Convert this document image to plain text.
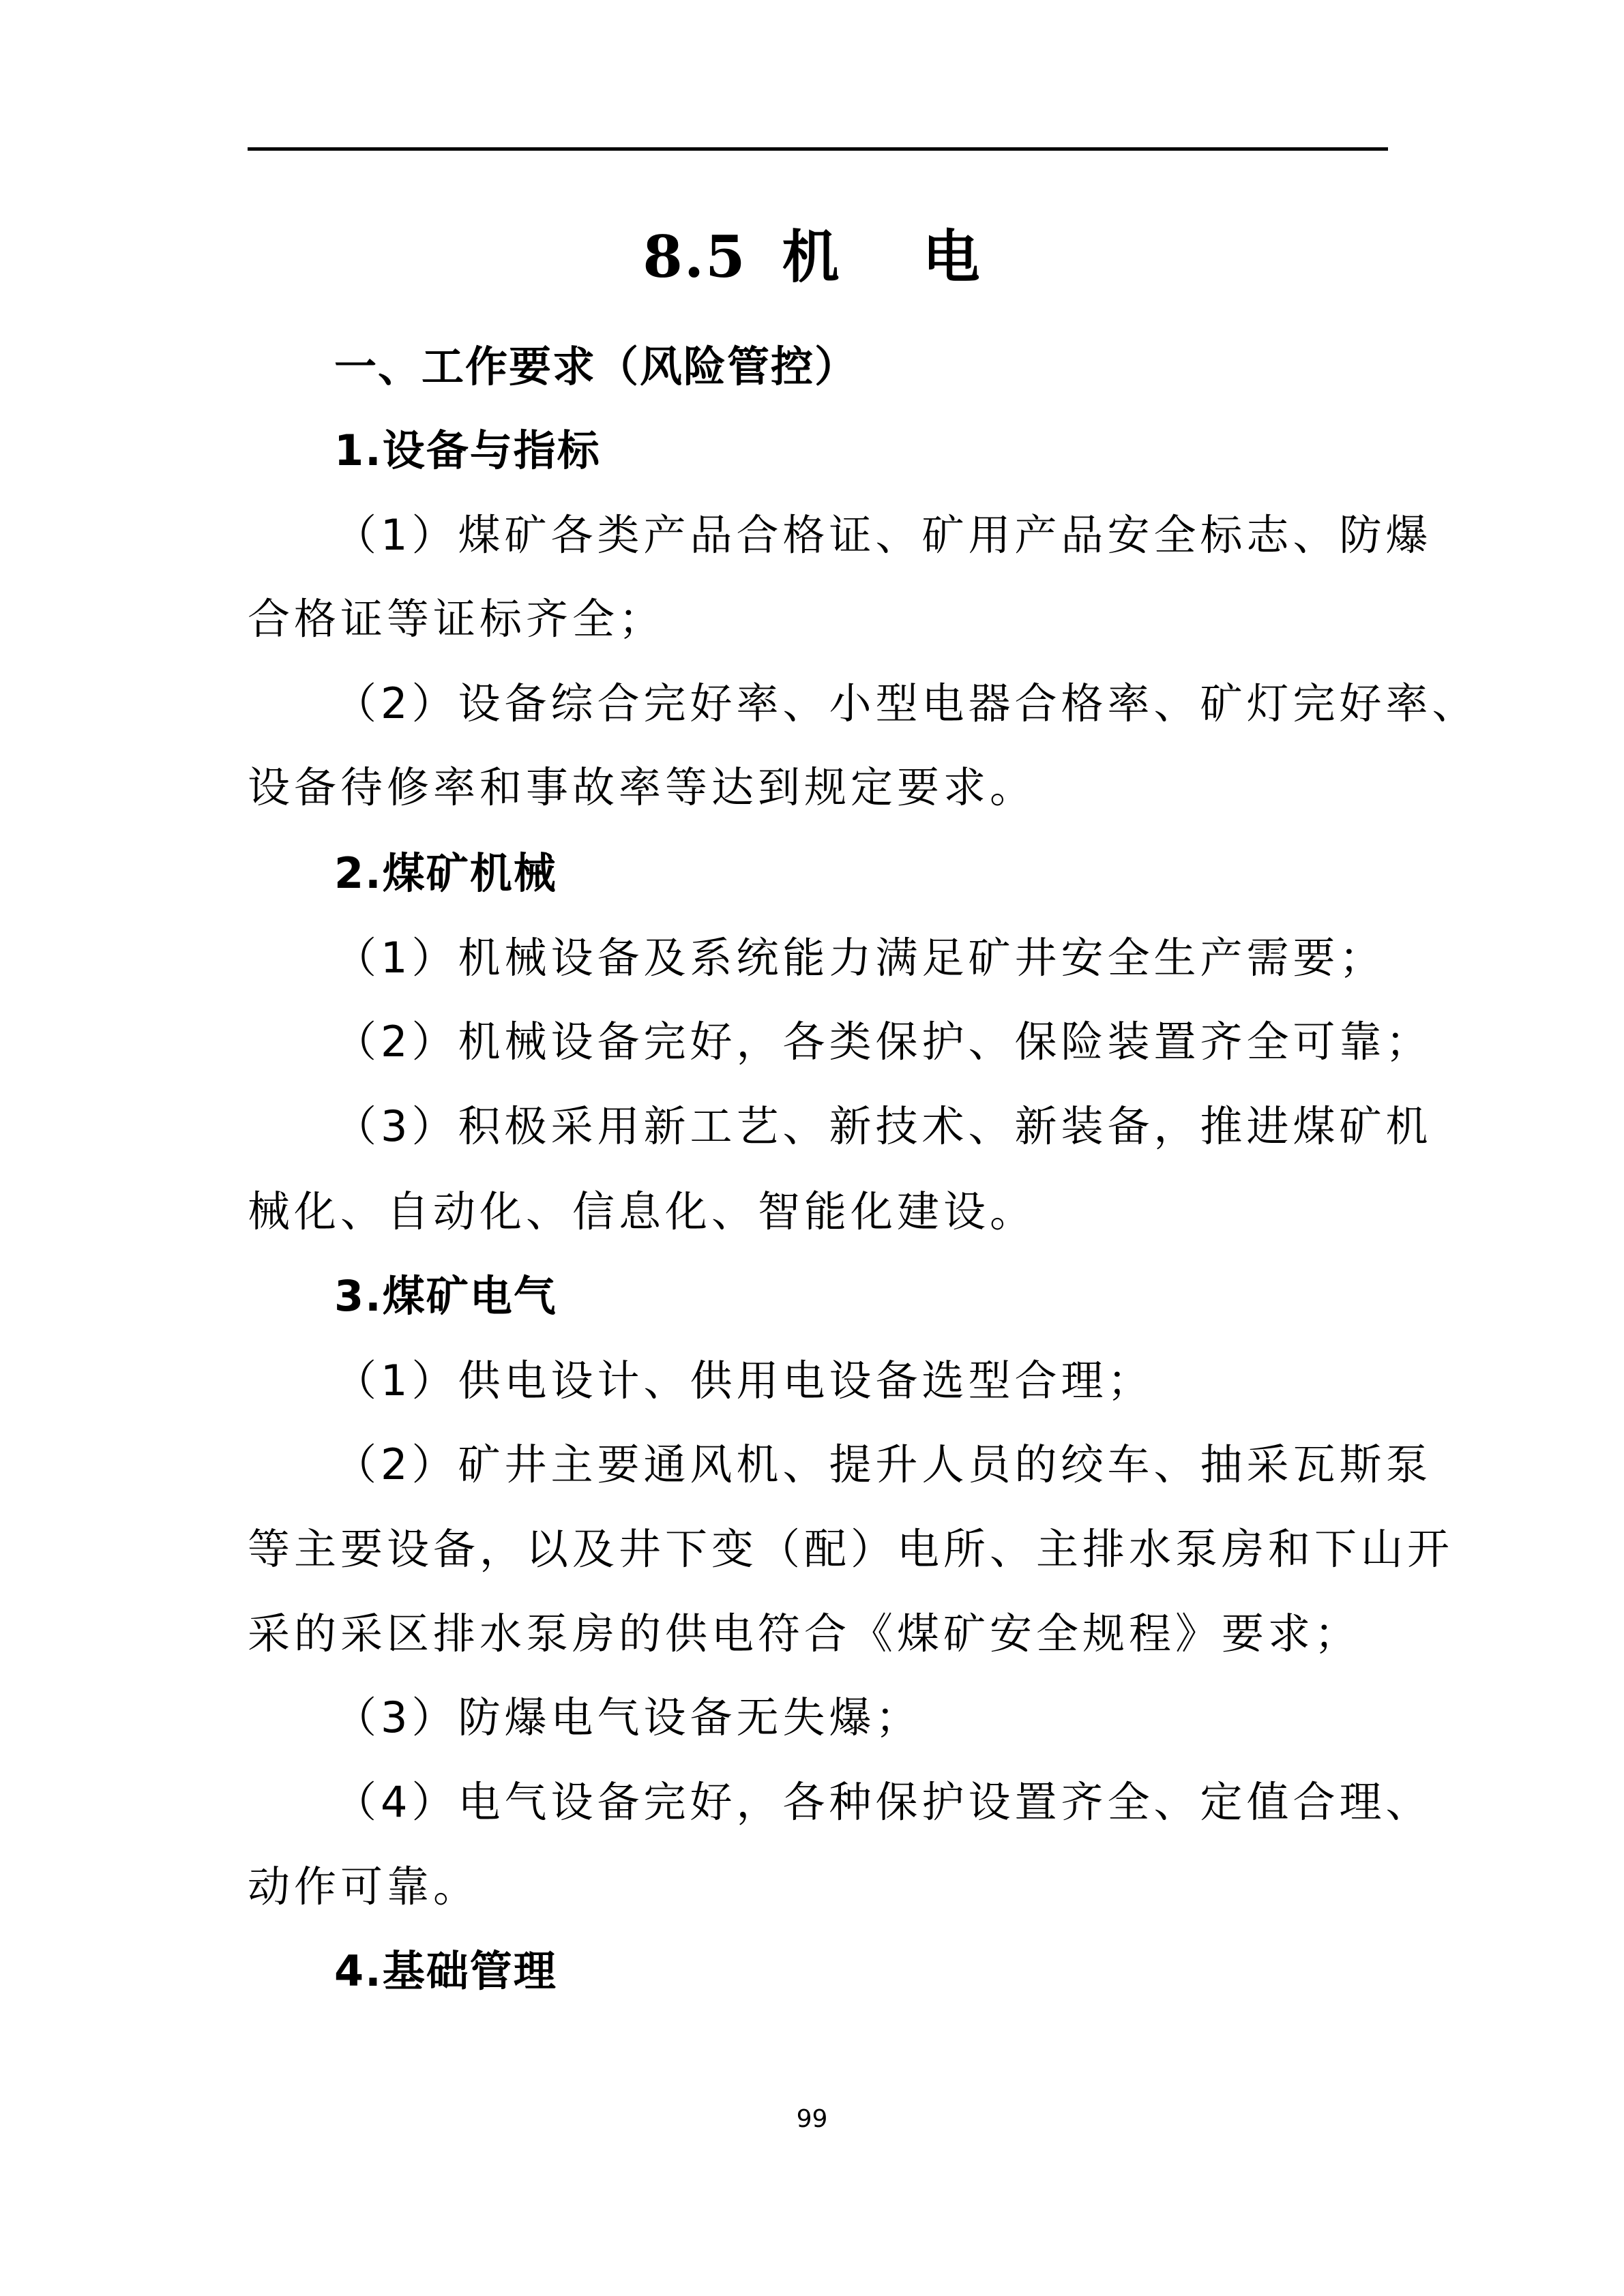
8.5 机 电
一、工作要求（风险管控）
1.设备与指标
（1）煤矿各类产品合格证、矿用产品安全标志、防爆
合格证等证标齐全；
（2）设备综合完好率、小型电器合格率、矿灯完好率、
设备待修率和事故率等达到规定要求。
2.煤矿机械
（1）机械设备及系统能力满足矿井安全生产需要；
（2）机械设备完好，各类保护、保险装置齐全可靠；
（3）积极采用新工艺、新技术、新装备，推进煤矿机
械化、自动化、信息化、智能化建设。
3.煤矿电气
（1）供电设计、供用电设备选型合理；
（2）矿井主要通风机、提升人员的绞车、抽采瓦斯泵
等主要设备，以及井下变（配）电所、主排水泵房和下山开
采的采区排水泵房的供电符合《煤矿安全规程》要求；
（3）防爆电气设备无失爆；
（4）电气设备完好，各种保护设置齐全、定值合理、
动作可靠。
4.基础管理
99
